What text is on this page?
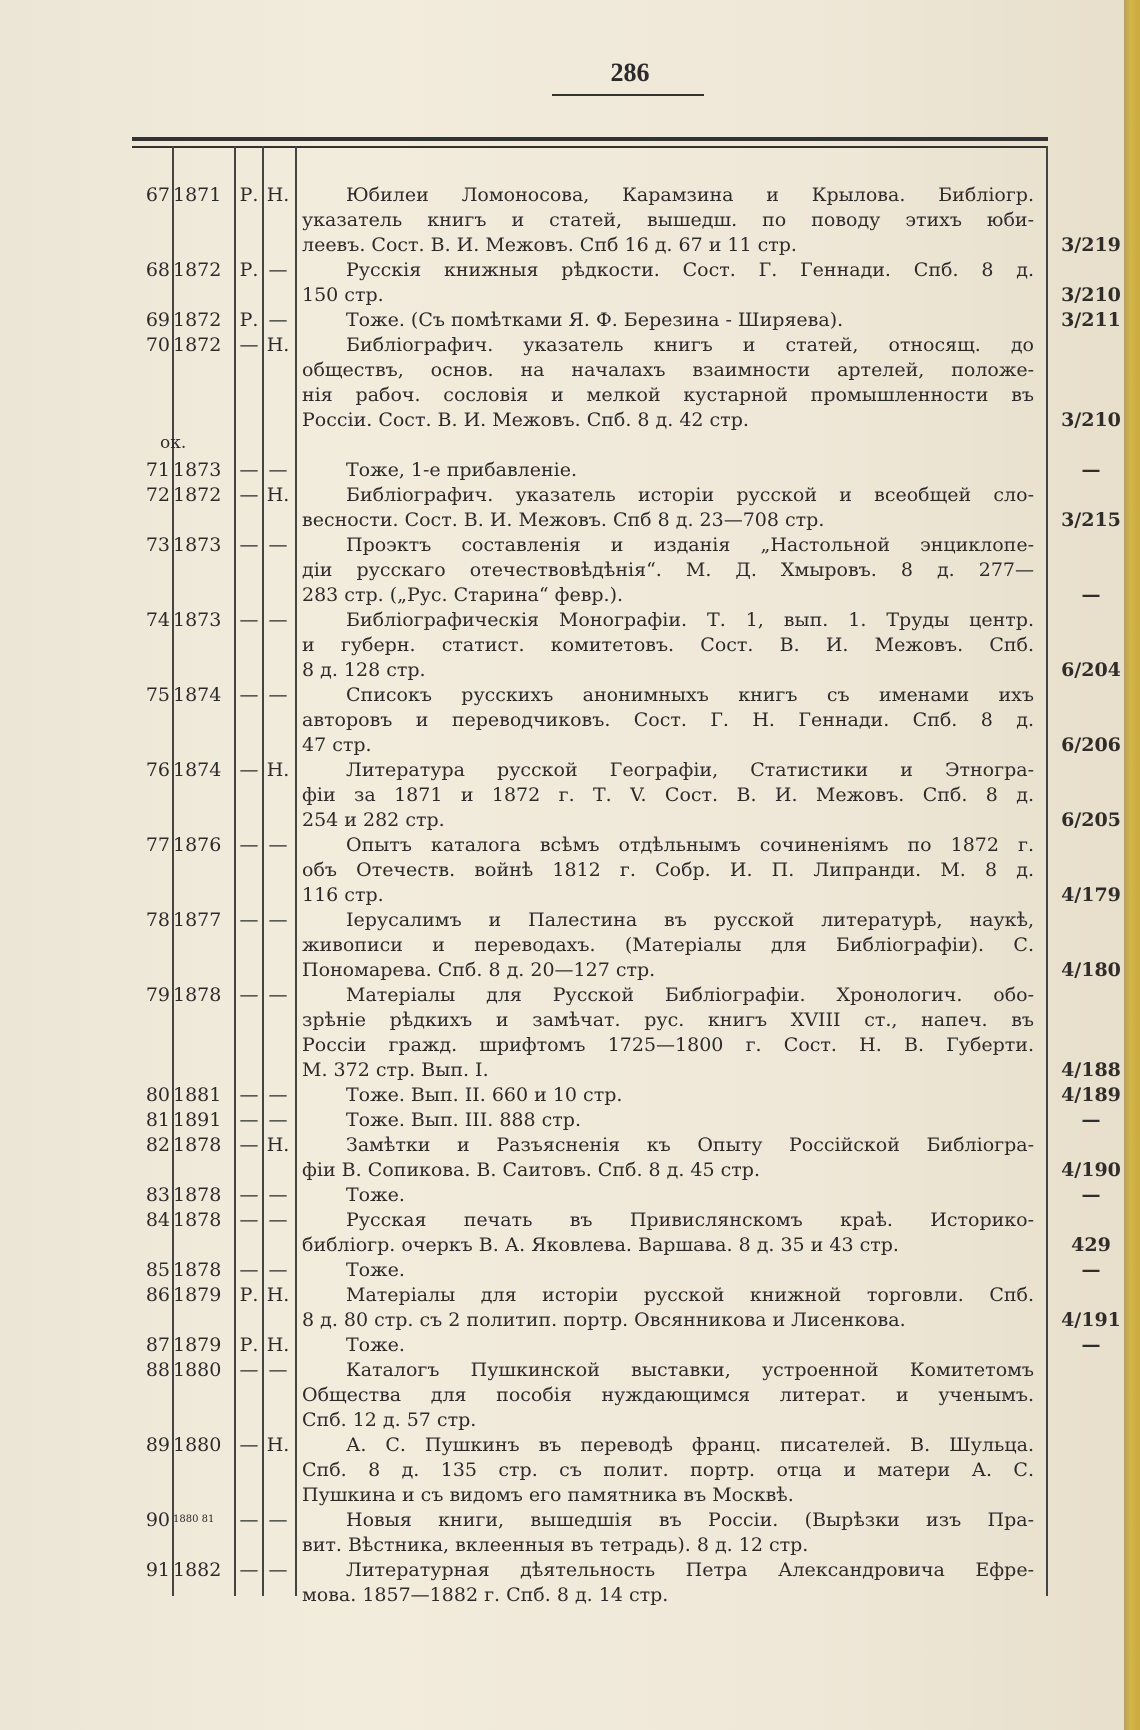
286
ок.
67 1871 Р. Н.	Юбилеи Ломоносова, Карамзина и Крылова. Библіогр.
указатель книгъ и статей, вышедш. по поводу этихъ юби-
леевъ. Сост. В. И. Межовъ. Спб 16 д. 67 и 11 стр.	3/219
68 1872 Р. —	Русскія книжныя рѣдкости. Сост. Г. Геннади. Спб. 8 д.
150 стр.	3/210
69 1872 Р. —	Тоже. (Съ помѣтками Я. Ф. Березина - Ширяева).	3/211
70 1872 — Н.	Библіографич. указатель книгъ и статей, относящ. до
обществъ, основ. на началахъ взаимности артелей, положе-
нія рабоч. сословія и мелкой кустарной промышленности въ
Россіи. Сост. В. И. Межовъ. Спб. 8 д. 42 стр.	3/210
71 1873 — —	Тоже, 1-е прибавленіе.	—
72 1872 — Н.	Библіографич. указатель исторіи русской и всеобщей сло-
весности. Сост. В. И. Межовъ. Спб 8 д. 23—708 стр.	3/215
73 1873 — —	Проэктъ составленія и изданія „Настольной энциклопе-
діи русскаго отечествовѣдѣнія“. М. Д. Хмыровъ. 8 д. 277—
283 стр. („Рус. Старина“ февр.).	—
74 1873 — —	Библіографическія Монографіи. Т. 1, вып. 1. Труды центр.
и губерн. статист. комитетовъ. Сост. В. И. Межовъ. Спб.
8 д. 128 стр.	6/204
75 1874 — —	Списокъ русскихъ анонимныхъ книгъ съ именами ихъ
авторовъ и переводчиковъ. Сост. Г. Н. Геннади. Спб. 8 д.
47 стр.	6/206
76 1874 — Н.	Литература русской Географіи, Статистики и Этногра-
фіи за 1871 и 1872 г. Т. V. Сост. В. И. Межовъ. Спб. 8 д.
254 и 282 стр.	6/205
77 1876 — —	Опытъ каталога всѣмъ отдѣльнымъ сочиненіямъ по 1872 г.
объ Отечеств. войнѣ 1812 г. Собр. И. П. Липранди. М. 8 д.
116 стр.	4/179
78 1877 — —	Іерусалимъ и Палестина въ русской литературѣ, наукѣ,
живописи и переводахъ. (Матеріалы для Библіографіи). С.
Пономарева. Спб. 8 д. 20—127 стр.	4/180
79 1878 — —	Матеріалы для Русской Библіографіи. Хронологич. обо-
зрѣніе рѣдкихъ и замѣчат. рус. книгъ XVIII ст., напеч. въ
Россіи гражд. шрифтомъ 1725—1800 г. Сост. Н. В. Губерти.
М. 372 стр. Вып. I.	4/188
80 1881 — —	Тоже. Вып. II. 660 и 10 стр.	4/189
81 1891 — —	Тоже. Вып. III. 888 стр.	—
82 1878 — Н.	Замѣтки и Разъясненія къ Опыту Россійской Библіогра-
фіи В. Сопикова. В. Саитовъ. Спб. 8 д. 45 стр.	4/190
83 1878 — —	Тоже.	—
84 1878 — —	Русская печать въ Привислянскомъ краѣ. Историко-
библіогр. очеркъ В. А. Яковлева. Варшава. 8 д. 35 и 43 стр.	429
85 1878 — —	Тоже.	—
86 1879 Р. Н.	Матеріалы для исторіи русской книжной торговли. Спб.
8 д. 80 стр. съ 2 политип. портр. Овсянникова и Лисенкова.	4/191
87 1879 Р. Н.	Тоже.	—
88 1880 — —	Каталогъ Пушкинской выставки, устроенной Комитетомъ
Общества для пособія нуждающимся литерат. и ученымъ.
Спб. 12 д. 57 стр.
89 1880 — Н.	А. С. Пушкинъ въ переводѣ франц. писателей. В. Шульца.
Спб. 8 д. 135 стр. съ полит. портр. отца и матери А. С.
Пушкина и съ видомъ его памятника въ Москвѣ.
90 $^{1880}$ 81	— —	Новыя книги, вышедшія въ Россіи. (Вырѣзки изъ Пра-
вит. Вѣстника, вклеенныя въ тетрадь). 8 д. 12 стр.
91 1882 — —	Литературная дѣятельность Петра Александровича Ефре-
мова. 1857—1882 г. Спб. 8 д. 14 стр.
